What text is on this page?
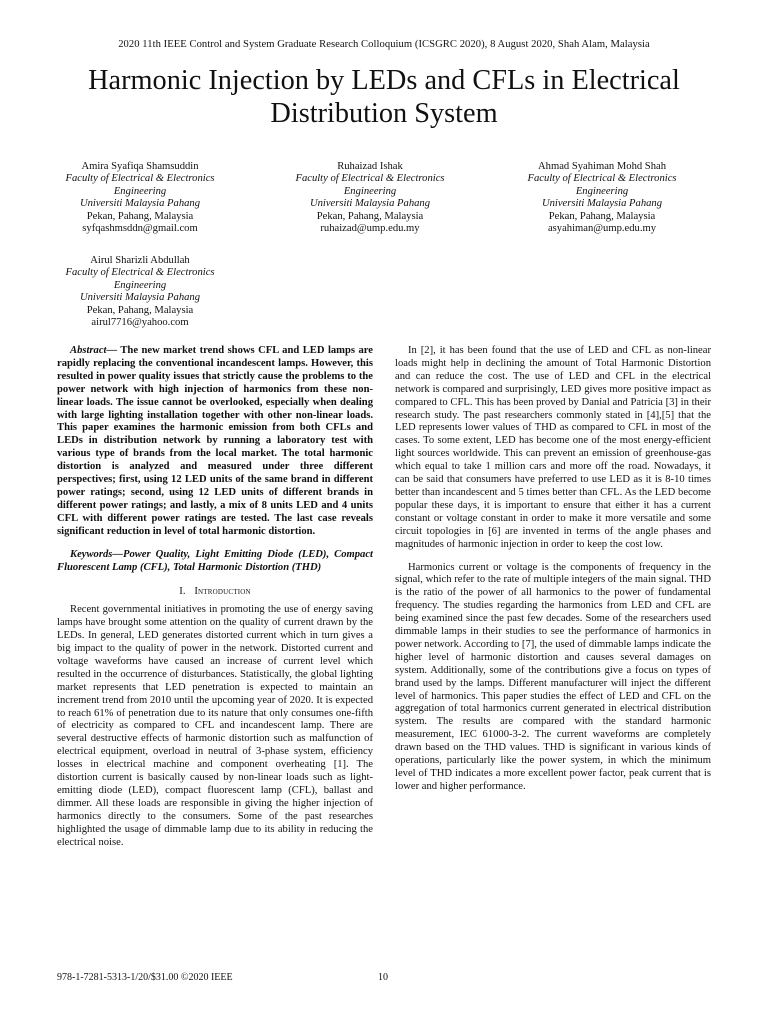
2020 11th IEEE Control and System Graduate Research Colloquium (ICSGRC 2020), 8 August 2020, Shah Alam, Malaysia
Harmonic Injection by LEDs and CFLs in Electrical Distribution System
Amira Syafiqa Shamsuddin
Faculty of Electrical & Electronics
Engineering
Universiti Malaysia Pahang
Pekan, Pahang, Malaysia
syfqashmsddn@gmail.com
Ruhaizad Ishak
Faculty of Electrical & Electronics
Engineering
Universiti Malaysia Pahang
Pekan, Pahang, Malaysia
ruhaizad@ump.edu.my
Ahmad Syahiman Mohd Shah
Faculty of Electrical & Electronics
Engineering
Universiti Malaysia Pahang
Pekan, Pahang, Malaysia
asyahiman@ump.edu.my
Airul Sharizli Abdullah
Faculty of Electrical & Electronics
Engineering
Universiti Malaysia Pahang
Pekan, Pahang, Malaysia
airul7716@yahoo.com

Abstract— The new market trend shows CFL and LED lamps are rapidly replacing the conventional incandescent lamps. However, this resulted in power quality issues that strictly cause the problems to the power network with high injection of harmonics from these non-linear loads. The issue cannot be overlooked, especially when dealing with large lighting installation together with other non-linear loads. This paper examines the harmonic emission from both CFLs and LEDs in distribution network by running a laboratory test with various type of brands from the local market. The total harmonic distortion is analyzed and measured under three different perspectives; first, using 12 LED units of the same brand in different power ratings; second, using 12 LED units of different brands in different power ratings; and lastly, a mix of 8 units LED and 4 units CFL with different power ratings are tested. The last case reveals significant reduction in level of total harmonic distortion.

Keywords—Power Quality, Light Emitting Diode (LED), Compact Fluorescent Lamp (CFL), Total Harmonic Distortion (THD)

I. Introduction

Recent governmental initiatives in promoting the use of energy saving lamps have brought some attention on the quality of current drawn by the LEDs. In general, LED generates distorted current which in turn gives a big impact to the quality of power in the network. Distorted current and voltage waveforms have caused an increase of current level which resulted in the occurrence of disturbances. Statistically, the global lighting market represents that LED penetration is expected to maintain an increment trend from 2010 until the upcoming year of 2020. It is expected to reach 61% of penetration due to its nature that only consumes one-fifth of electricity as compared to CFL and incandescent lamp. There are several destructive effects of harmonic distortion such as malfunction of electrical equipment, overload in neutral of 3-phase system, efficiency losses in electrical machine and component overheating [1]. The distortion current is basically caused by non-linear loads such as light-emitting diode (LED), compact fluorescent lamp (CFL), ballast and dimmer. All these loads are responsible in giving the higher injection of harmonics directly to the consumers. Some of the past researches highlighted the usage of dimmable lamp due to its ability in reducing the electrical noise.

In [2], it has been found that the use of LED and CFL as non-linear loads might help in declining the amount of Total Harmonic Distortion and can reduce the cost. The use of LED and CFL in the electrical network is compared and surprisingly, LED gives more positive impact as compared to CFL. This has been proved by Danial and Patricia [3] in their research study. The past researchers commonly stated in [4],[5] that the LED represents lower values of THD as compared to CFL in most of the cases. To some extent, LED has become one of the most energy-efficient light sources worldwide. This can prevent an emission of greenhouse-gas which equal to take 1 million cars and more off the road. Nowadays, it can be said that consumers have preferred to use LED as it is 8-10 times better than incandescent and 5 times better than CFL. As the LED become popular these days, it is important to ensure that either it has a current constant or voltage constant in order to make it more versatile and some circuit topologies in [6] are invented in terms of the angle phases and magnitudes of harmonic injection in order to keep the cost low.

Harmonics current or voltage is the components of frequency in the signal, which refer to the rate of multiple integers of the main signal. THD is the ratio of the power of all harmonics to the power of fundamental frequency. The studies regarding the harmonics from LED and CFL are being examined since the past few decades. Some of the researchers used dimmable lamps in their studies to see the performance of harmonics in power network. According to [7], the used of dimmable lamps indicate the higher level of harmonic distortion and causes several damages on system. Additionally, some of the contributions give a focus on types of brand used by the lamps. Different manufacturer will inject the different level of harmonics. This paper studies the effect of LED and CFL on the aggregation of total harmonics current generated in electrical distribution system. The results are compared with the standard harmonic measurement, IEC 61000-3-2. The current waveforms are completely drawn based on the THD values. THD is significant in various kinds of operations, particularly like the power system, in which the minimum level of THD indicates a more excellent power factor, peak current that is lower and higher performance.

978-1-7281-5313-1/20/$31.00 ©2020 IEEE	10
